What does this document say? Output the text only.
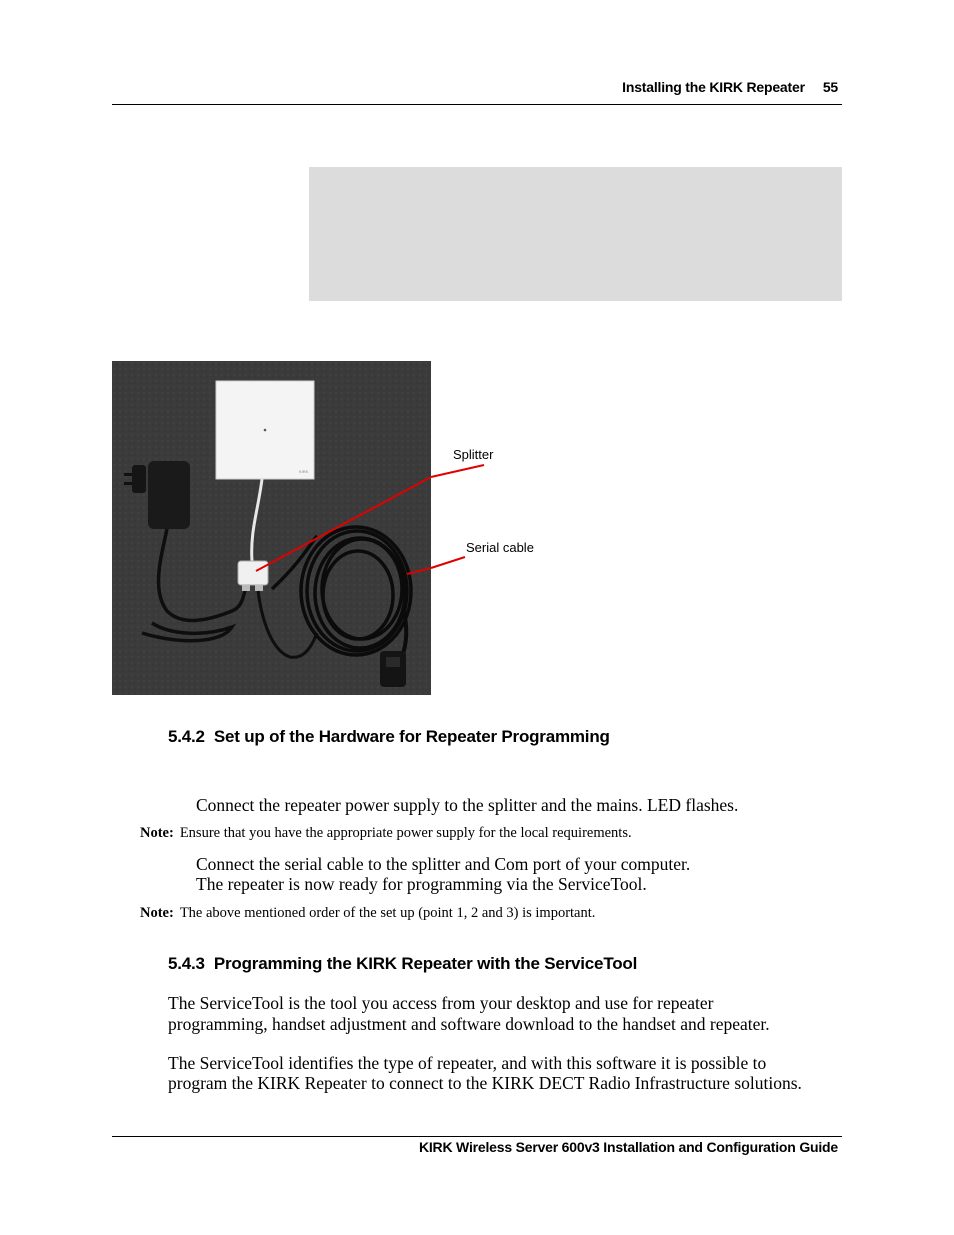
Installing the KIRK Repeater 55
KIRK
Splitter
Serial cable
5.4.2 Set up of the Hardware for Repeater Programming

Connect the repeater power supply to the splitter and the mains. LED flashes.

Note: Ensure that you have the appropriate power supply for the local requirements.

Connect the serial cable to the splitter and Com port of your computer.

The repeater is now ready for programming via the ServiceTool.

Note: The above mentioned order of the set up (point 1, 2 and 3) is important.
5.4.3 Programming the KIRK Repeater with the ServiceTool

The ServiceTool is the tool you access from your desktop and use for repeater

programming, handset adjustment and software download to the handset and repeater.

The ServiceTool identifies the type of repeater, and with this software it is possible to

program the KIRK Repeater to connect to the KIRK DECT Radio Infrastructure solutions.

KIRK Wireless Server 600v3 Installation and Configuration Guide
